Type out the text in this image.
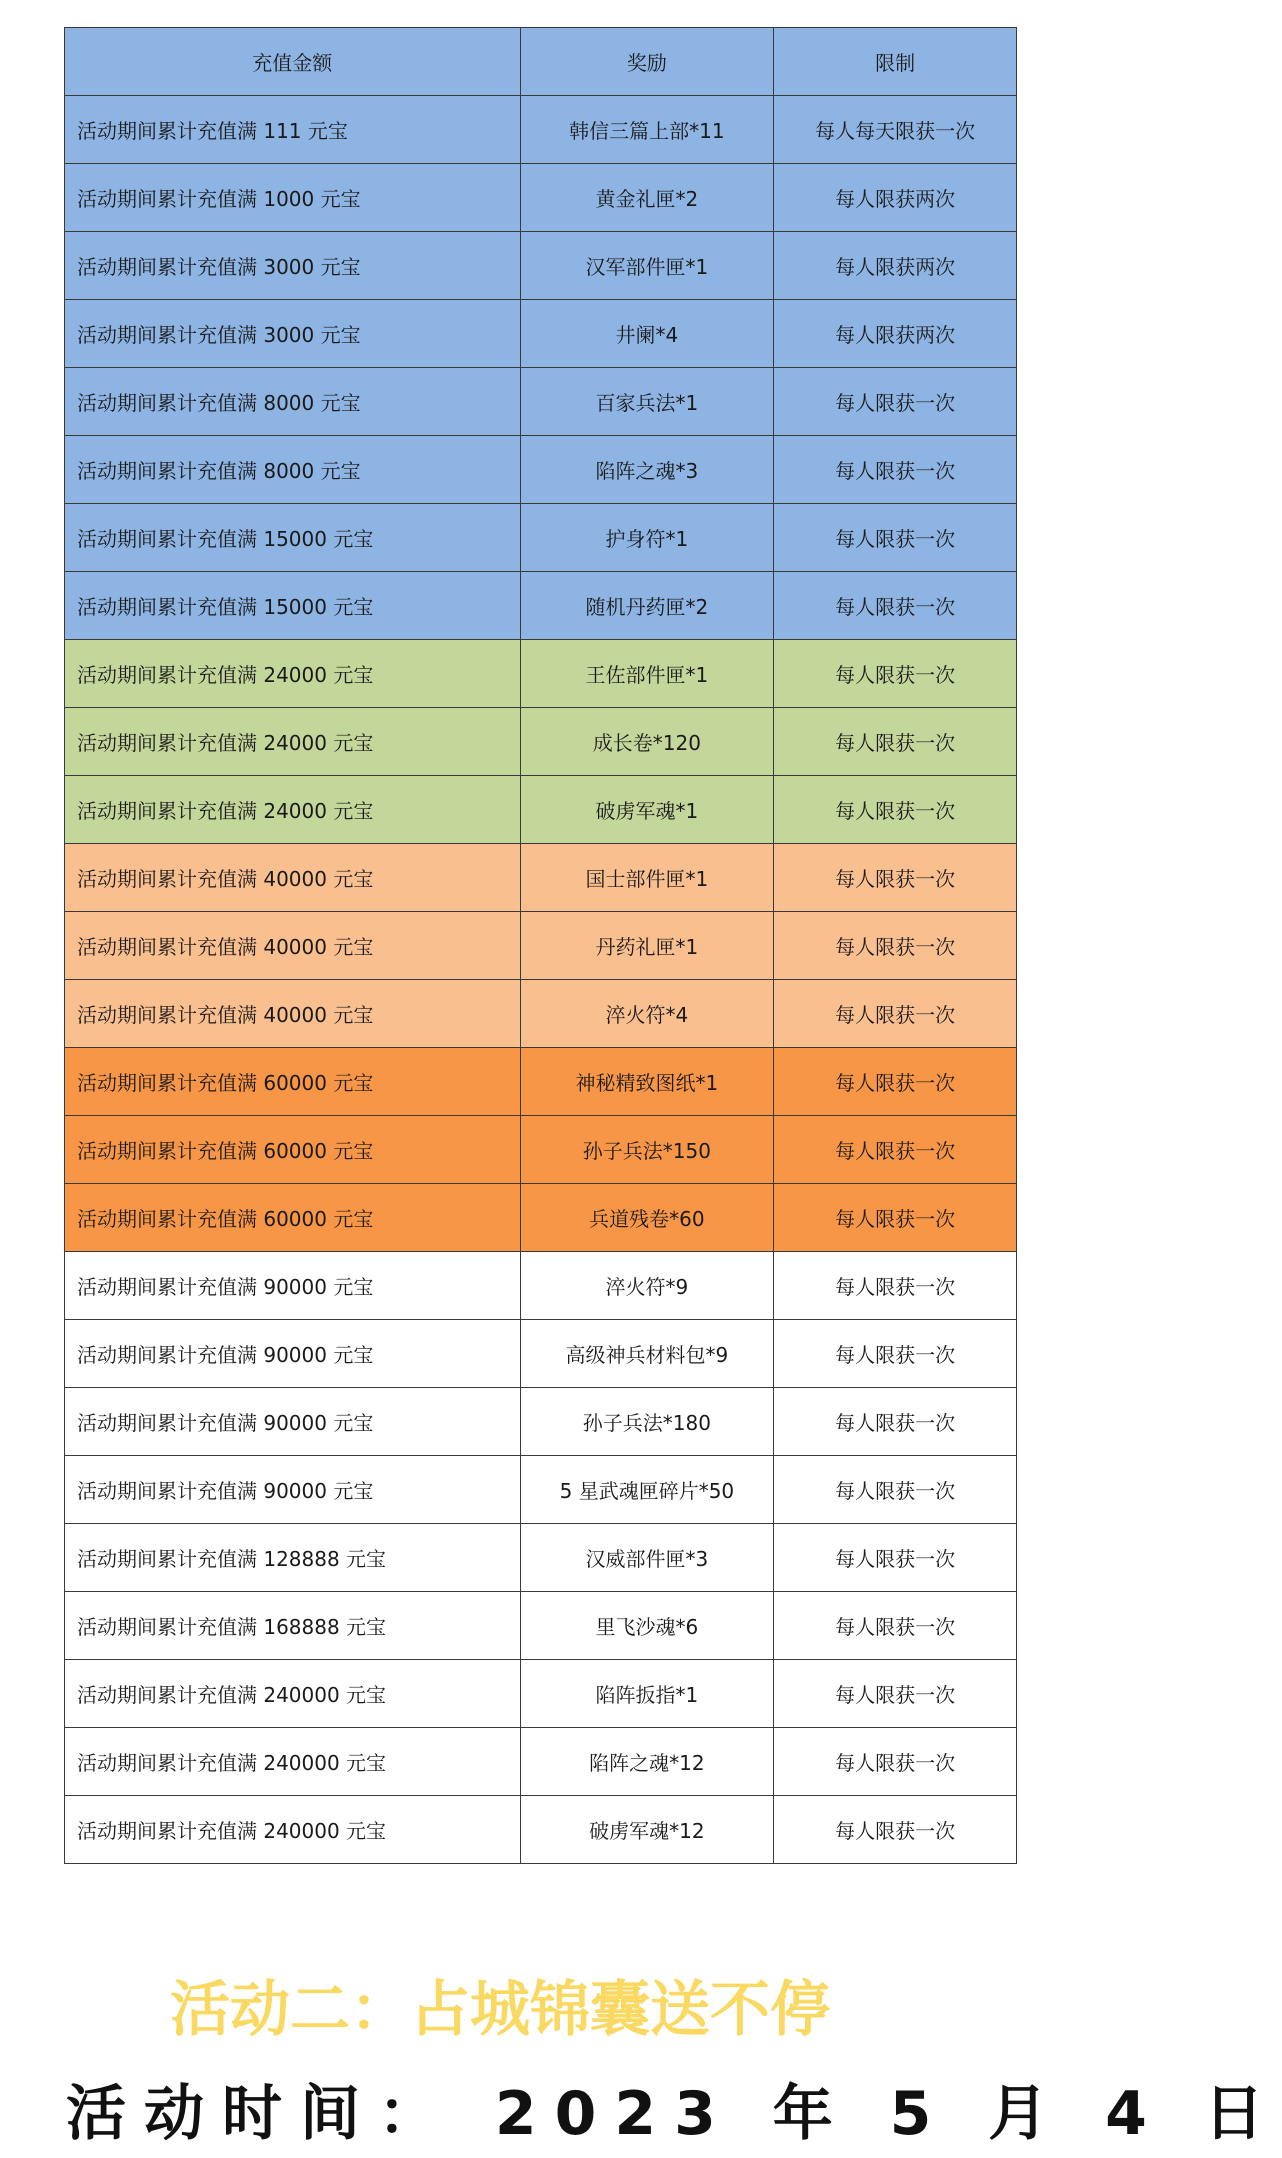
充值金额	奖励	限制
活动期间累计充值满 111 元宝	韩信三篇上部*11	每人每天限获一次
活动期间累计充值满 1000 元宝	黄金礼匣*2	每人限获两次
活动期间累计充值满 3000 元宝	汉军部件匣*1	每人限获两次
活动期间累计充值满 3000 元宝	井阑*4	每人限获两次
活动期间累计充值满 8000 元宝	百家兵法*1	每人限获一次
活动期间累计充值满 8000 元宝	陷阵之魂*3	每人限获一次
活动期间累计充值满 15000 元宝	护身符*1	每人限获一次
活动期间累计充值满 15000 元宝	随机丹药匣*2	每人限获一次
活动期间累计充值满 24000 元宝	王佐部件匣*1	每人限获一次
活动期间累计充值满 24000 元宝	成长卷*120	每人限获一次
活动期间累计充值满 24000 元宝	破虏军魂*1	每人限获一次
活动期间累计充值满 40000 元宝	国士部件匣*1	每人限获一次
活动期间累计充值满 40000 元宝	丹药礼匣*1	每人限获一次
活动期间累计充值满 40000 元宝	淬火符*4	每人限获一次
活动期间累计充值满 60000 元宝	神秘精致图纸*1	每人限获一次
活动期间累计充值满 60000 元宝	孙子兵法*150	每人限获一次
活动期间累计充值满 60000 元宝	兵道残卷*60	每人限获一次
活动期间累计充值满 90000 元宝	淬火符*9	每人限获一次
活动期间累计充值满 90000 元宝	高级神兵材料包*9	每人限获一次
活动期间累计充值满 90000 元宝	孙子兵法*180	每人限获一次
活动期间累计充值满 90000 元宝	5 星武魂匣碎片*50	每人限获一次
活动期间累计充值满 128888 元宝	汉威部件匣*3	每人限获一次
活动期间累计充值满 168888 元宝	里飞沙魂*6	每人限获一次
活动期间累计充值满 240000 元宝	陷阵扳指*1	每人限获一次
活动期间累计充值满 240000 元宝	陷阵之魂*12	每人限获一次
活动期间累计充值满 240000 元宝	破虏军魂*12	每人限获一次
活动二：占城锦囊送不停
活动时间： 2023 年 5 月 4 日
